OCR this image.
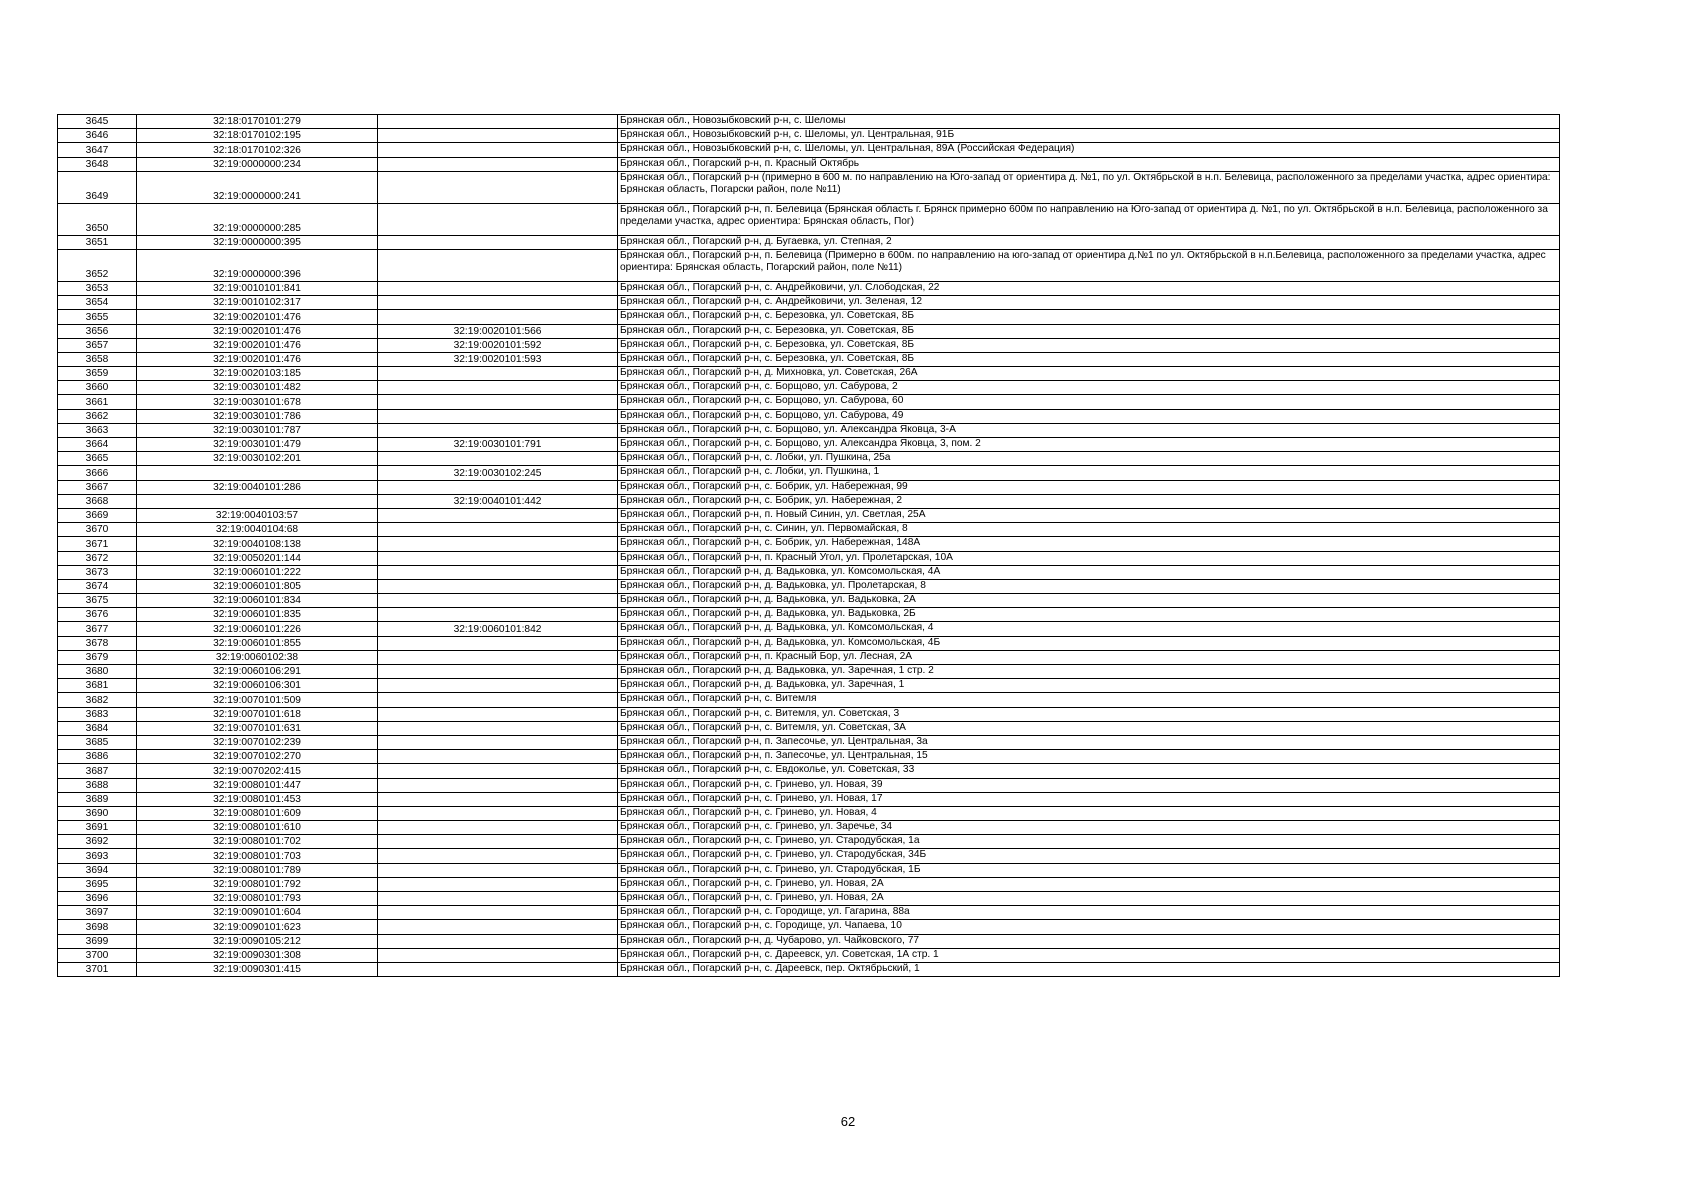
3645	32:18:0170101:279		Брянская обл., Новозыбковский р-н, с. Шеломы
3646	32:18:0170102:195		Брянская обл., Новозыбковский р-н, с. Шеломы, ул. Центральная, 91Б
3647	32:18:0170102:326		Брянская обл., Новозыбковский р-н, с. Шеломы, ул. Центральная, 89А (Российская Федерация)
3648	32:19:0000000:234		Брянская обл., Погарский р-н, п. Красный Октябрь
3649	32:19:0000000:241		Брянская обл., Погарский р-н (примерно в 600 м. по направлению на Юго-запад от ориентира д. №1, по ул. Октябрьской в н.п. Белевица, расположенного за пределами участка, адрес ориентира: Брянская область, Погарски район, поле №11)
3650	32:19:0000000:285		Брянская обл., Погарский р-н, п. Белевица (Брянская область г. Брянск примерно 600м по направлению на Юго-запад от ориентира д. №1, по ул. Октябрьской в н.п. Белевица, расположенного за пределами участка, адрес ориентира: Брянская область, Пог)
3651	32:19:0000000:395		Брянская обл., Погарский р-н, д. Бугаевка, ул. Степная, 2
3652	32:19:0000000:396		Брянская обл., Погарский р-н, п. Белевица (Примерно в 600м. по направлению на юго-запад от ориентира д.№1 по ул. Октябрьской в н.п.Белевица, расположенного за пределами участка, адрес ориентира: Брянская область, Погарский район, поле №11)
3653	32:19:0010101:841		Брянская обл., Погарский р-н, с. Андрейковичи, ул. Слободская, 22
3654	32:19:0010102:317		Брянская обл., Погарский р-н, с. Андрейковичи, ул. Зеленая, 12
3655	32:19:0020101:476		Брянская обл., Погарский р-н, с. Березовка, ул. Советская, 8Б
3656	32:19:0020101:476	32:19:0020101:566	Брянская обл., Погарский р-н, с. Березовка, ул. Советская, 8Б
3657	32:19:0020101:476	32:19:0020101:592	Брянская обл., Погарский р-н, с. Березовка, ул. Советская, 8Б
3658	32:19:0020101:476	32:19:0020101:593	Брянская обл., Погарский р-н, с. Березовка, ул. Советская, 8Б
3659	32:19:0020103:185		Брянская обл., Погарский р-н, д. Михновка, ул. Советская, 26А
3660	32:19:0030101:482		Брянская обл., Погарский р-н, с. Борщово, ул. Сабурова, 2
3661	32:19:0030101:678		Брянская обл., Погарский р-н, с. Борщово, ул. Сабурова, 60
3662	32:19:0030101:786		Брянская обл., Погарский р-н, с. Борщово, ул. Сабурова, 49
3663	32:19:0030101:787		Брянская обл., Погарский р-н, с. Борщово, ул. Александра Яковца, 3-А
3664	32:19:0030101:479	32:19:0030101:791	Брянская обл., Погарский р-н, с. Борщово, ул. Александра Яковца, 3, пом. 2
3665	32:19:0030102:201		Брянская обл., Погарский р-н, с. Лобки, ул. Пушкина, 25а
3666		32:19:0030102:245	Брянская обл., Погарский р-н, с. Лобки, ул. Пушкина, 1
3667	32:19:0040101:286		Брянская обл., Погарский р-н, с. Бобрик, ул. Набережная, 99
3668		32:19:0040101:442	Брянская обл., Погарский р-н, с. Бобрик, ул. Набережная, 2
3669	32:19:0040103:57		Брянская обл., Погарский р-н, п. Новый Синин, ул. Светлая, 25А
3670	32:19:0040104:68		Брянская обл., Погарский р-н, с. Синин, ул. Первомайская, 8
3671	32:19:0040108:138		Брянская обл., Погарский р-н, с. Бобрик, ул. Набережная, 148А
3672	32:19:0050201:144		Брянская обл., Погарский р-н, п. Красный Угол, ул. Пролетарская, 10А
3673	32:19:0060101:222		Брянская обл., Погарский р-н, д. Вадьковка, ул. Комсомольская, 4А
3674	32:19:0060101:805		Брянская обл., Погарский р-н, д. Вадьковка, ул. Пролетарская, 8
3675	32:19:0060101:834		Брянская обл., Погарский р-н, д. Вадьковка, ул. Вадьковка, 2А
3676	32:19:0060101:835		Брянская обл., Погарский р-н, д. Вадьковка, ул. Вадьковка, 2Б
3677	32:19:0060101:226	32:19:0060101:842	Брянская обл., Погарский р-н, д. Вадьковка, ул. Комсомольская, 4
3678	32:19:0060101:855		Брянская обл., Погарский р-н, д. Вадьковка, ул. Комсомольская, 4Б
3679	32:19:0060102:38		Брянская обл., Погарский р-н, п. Красный Бор, ул. Лесная, 2А
3680	32:19:0060106:291		Брянская обл., Погарский р-н, д. Вадьковка, ул. Заречная, 1 стр. 2
3681	32:19:0060106:301		Брянская обл., Погарский р-н, д. Вадьковка, ул. Заречная, 1
3682	32:19:0070101:509		Брянская обл., Погарский р-н, с. Витемля
3683	32:19:0070101:618		Брянская обл., Погарский р-н, с. Витемля, ул. Советская, 3
3684	32:19:0070101:631		Брянская обл., Погарский р-н, с. Витемля, ул. Советская, 3А
3685	32:19:0070102:239		Брянская обл., Погарский р-н, п. Запесочье, ул. Центральная, 3а
3686	32:19:0070102:270		Брянская обл., Погарский р-н, п. Запесочье, ул. Центральная, 15
3687	32:19:0070202:415		Брянская обл., Погарский р-н, с. Евдоколье, ул. Советская, 33
3688	32:19:0080101:447		Брянская обл., Погарский р-н, с. Гринево, ул. Новая, 39
3689	32:19:0080101:453		Брянская обл., Погарский р-н, с. Гринево, ул. Новая, 17
3690	32:19:0080101:609		Брянская обл., Погарский р-н, с. Гринево, ул. Новая, 4
3691	32:19:0080101:610		Брянская обл., Погарский р-н, с. Гринево, ул. Заречье, 34
3692	32:19:0080101:702		Брянская обл., Погарский р-н, с. Гринево, ул. Стародубская, 1а
3693	32:19:0080101:703		Брянская обл., Погарский р-н, с. Гринево, ул. Стародубская, 34Б
3694	32:19:0080101:789		Брянская обл., Погарский р-н, с. Гринево, ул. Стародубская, 1Б
3695	32:19:0080101:792		Брянская обл., Погарский р-н, с. Гринево, ул. Новая, 2А
3696	32:19:0080101:793		Брянская обл., Погарский р-н, с. Гринево, ул. Новая, 2А
3697	32:19:0090101:604		Брянская обл., Погарский р-н, с. Городище, ул. Гагарина, 88а
3698	32:19:0090101:623		Брянская обл., Погарский р-н, с. Городище, ул. Чапаева, 10
3699	32:19:0090105:212		Брянская обл., Погарский р-н, д. Чубарово, ул. Чайковского, 77
3700	32:19:0090301:308		Брянская обл., Погарский р-н, с. Дареевск, ул. Советская, 1А стр. 1
3701	32:19:0090301:415		Брянская обл., Погарский р-н, с. Дареевск, пер. Октябрьский, 1
62
